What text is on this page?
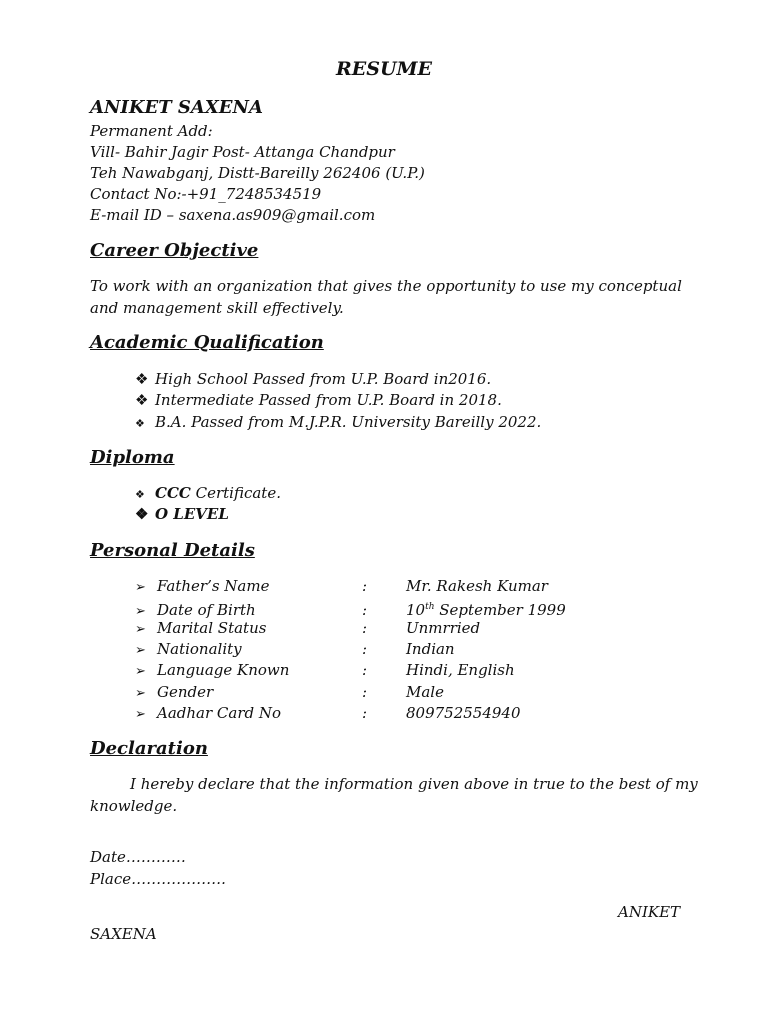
RESUME
ANIKET SAXENA
Permanent Add:
Vill- Bahir Jagir Post- Attanga Chandpur
Teh Nawabganj, Distt-Bareilly 262406 (U.P.)
Contact No:-+91_7248534519
E-mail ID – saxena.as909@gmail.com
Career Objective
To work with an organization that gives the opportunity to use my conceptual
and management skill effectively.
Academic Qualification
❖ High School Passed from U.P. Board in2016.
❖ Intermediate Passed from U.P. Board in 2018.
❖ B.A. Passed from M.J.P.R. University Bareilly 2022.
Diploma
❖ CCC Certificate.
❖ O LEVEL
Personal Details
➢ Father’s Name	:	Mr. Rakesh Kumar
➢ Date of Birth	:	10th September 1999
➢ Marital Status	:	Unmrried
➢ Nationality	:	Indian
➢ Language Known	:	Hindi, English
➢ Gender	:	Male
➢ Aadhar Card No	:	809752554940
Declaration
I hereby declare that the information given above in true to the best of my
knowledge.
Date…………
Place……………….
ANIKET
SAXENA
